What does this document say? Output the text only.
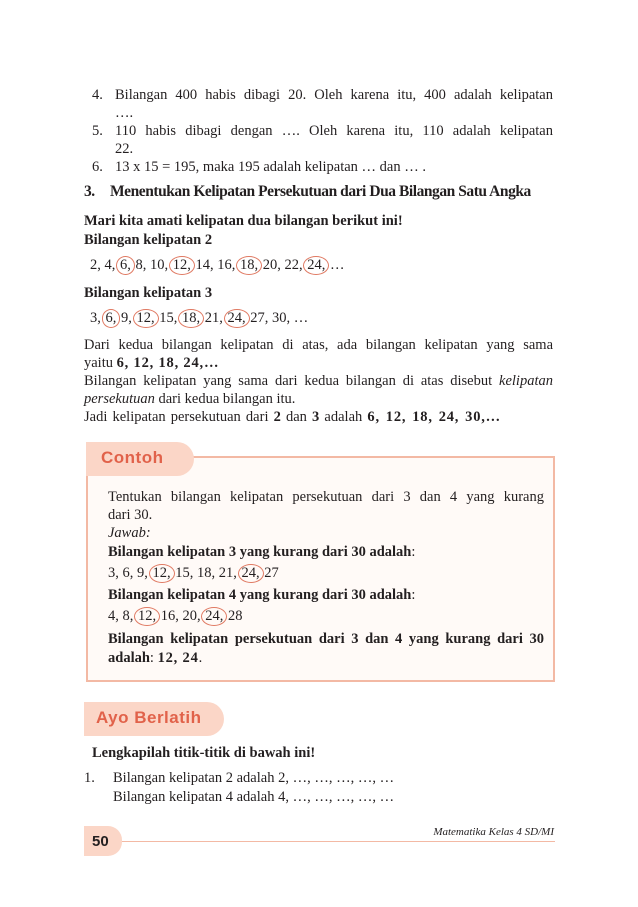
4. Bilangan 400 habis dibagi 20. Oleh karena itu, 400 adalah kelipatan
….
5. 110 habis dibagi dengan …. Oleh karena itu, 110 adalah kelipatan
22.
6. 13 x 15 = 195, maka 195 adalah kelipatan … dan … .
3. Menentukan Kelipatan Persekutuan dari Dua Bilangan Satu Angka
Mari kita amati kelipatan dua bilangan berikut ini!
Bilangan kelipatan 2
2, 4, 6, 8, 10, 12, 14, 16, 18, 20, 22, 24, …
Bilangan kelipatan 3
3, 6, 9, 12, 15, 18, 21, 24, 27, 30, …
Dari kedua bilangan kelipatan di atas, ada bilangan kelipatan yang sama
yaitu 6, 12, 18, 24,…
Bilangan kelipatan yang sama dari kedua bilangan di atas disebut kelipatan
persekutuan dari kedua bilangan itu.
Jadi kelipatan persekutuan dari 2 dan 3 adalah 6, 12, 18, 24, 30,…
Contoh
Tentukan bilangan kelipatan persekutuan dari 3 dan 4 yang kurang
dari 30.
Jawab:
Bilangan kelipatan 3 yang kurang dari 30 adalah:
3, 6, 9, 12, 15, 18, 21, 24, 27
Bilangan kelipatan 4 yang kurang dari 30 adalah:
4, 8, 12, 16, 20, 24, 28
Bilangan kelipatan persekutuan dari 3 dan 4 yang kurang dari 30
adalah: 12, 24.
Ayo Berlatih
Lengkapilah titik-titik di bawah ini!
1. Bilangan kelipatan 2 adalah 2, …, …, …, …, …
Bilangan kelipatan 4 adalah 4, …, …, …, …, …
50
Matematika Kelas 4 SD/MI
